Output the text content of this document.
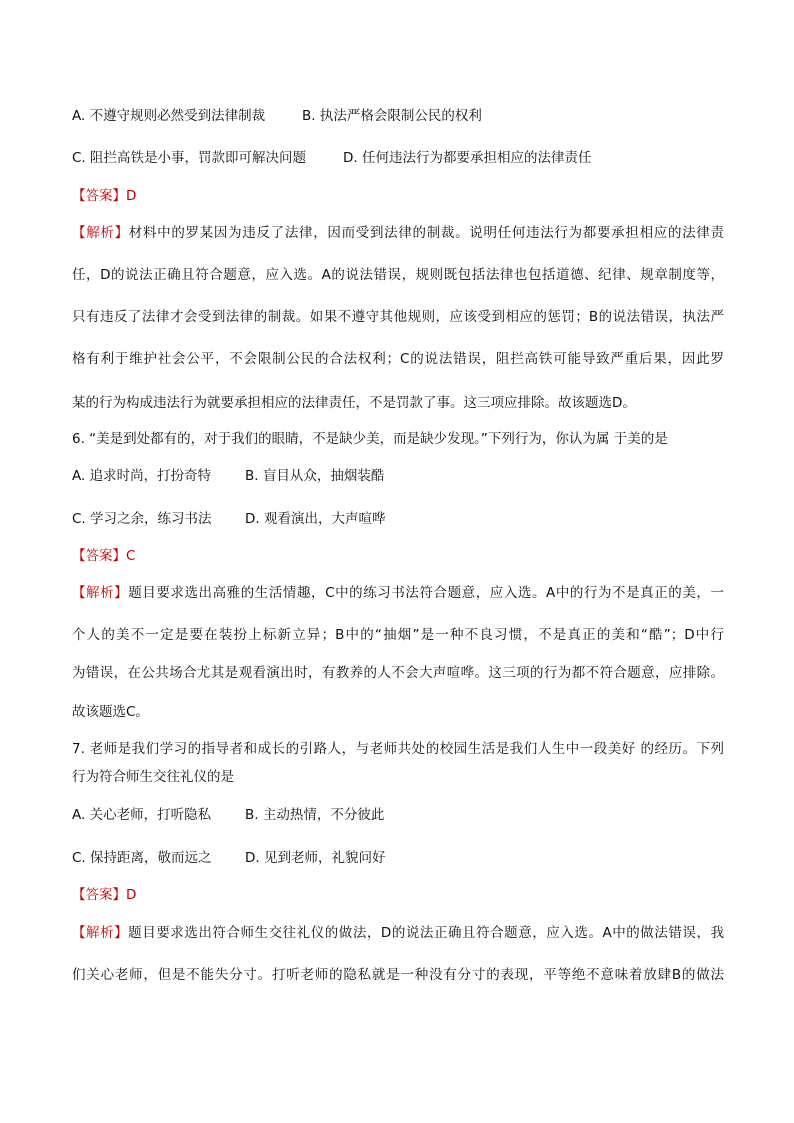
A. 不遵守规则必然受到法律制裁	B. 执法严格会限制公民的权利
C. 阻拦高铁是小事，罚款即可解决问题	D. 任何违法行为都要承担相应的法律责任
【答案】D
【解析】材料中的罗某因为违反了法律，因而受到法律的制裁。说明任何违法行为都要承担相应的法律责
任，D的说法正确且符合题意，应入选。A的说法错误，规则既包括法律也包括道德、纪律、规章制度等，
只有违反了法律才会受到法律的制裁。如果不遵守其他规则，应该受到相应的惩罚；B的说法错误，执法严
格有利于维护社会公平，不会限制公民的合法权利；C的说法错误，阻拦高铁可能导致严重后果，因此罗
某的行为构成违法行为就要承担相应的法律责任，不是罚款了事。这三项应排除。故该题选D。
6. “美是到处都有的，对于我们的眼睛，不是缺少美，而是缺少发现。”下列行为，你认为属 于美的是
A. 追求时尚，打扮奇特	B. 盲目从众，抽烟装酷
C. 学习之余，练习书法 D. 观看演出，大声喧哗
【答案】C
【解析】题目要求选出高雅的生活情趣，C中的练习书法符合题意，应入选。A中的行为不是真正的美，一
个人的美不一定是要在装扮上标新立异；B中的“抽烟”是一种不良习惯，不是真正的美和“酷”；D中行
为错误，在公共场合尤其是观看演出时，有教养的人不会大声喧哗。这三项的行为都不符合题意，应排除。
故该题选C。
7. 老师是我们学习的指导者和成长的引路人，与老师共处的校园生活是我们人生中一段美好 的经历。下列
行为符合师生交往礼仪的是
A. 关心老师，打听隐私	B. 主动热情，不分彼此
C. 保持距离，敬而远之 D. 见到老师，礼貌问好
【答案】D
【解析】题目要求选出符合师生交往礼仪的做法，D的说法正确且符合题意，应入选。A中的做法错误，我
们关心老师，但是不能失分寸。打听老师的隐私就是一种没有分寸的表现，平等绝不意味着放肆B的做法
